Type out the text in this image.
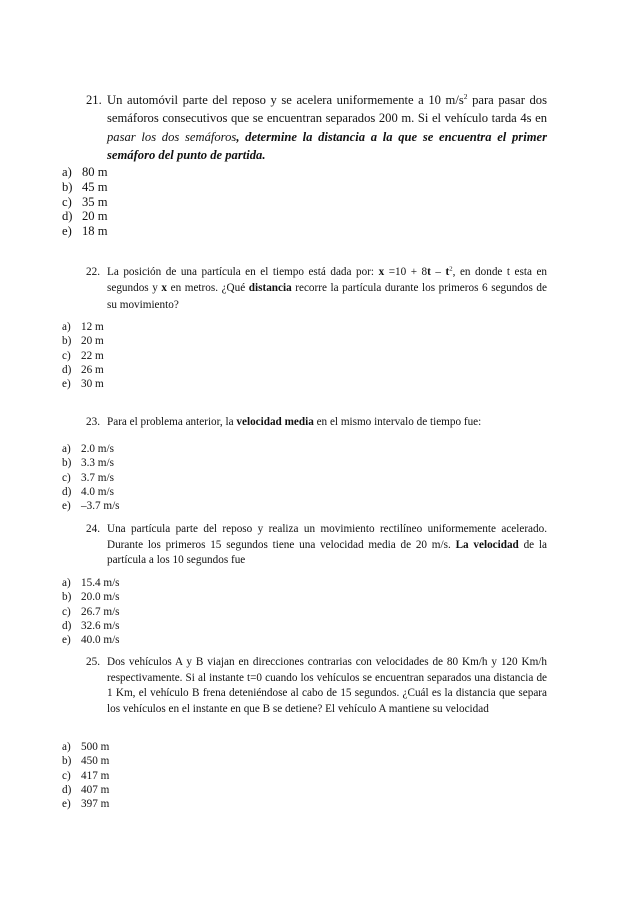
21. Un automóvil parte del reposo y se acelera uniformemente a 10 $m/s^2$ para pasar dos semáforos consecutivos que se encuentran separados 200 m. Si el vehículo tarda 4s en pasar los dos semáforos, determine la distancia a la que se encuentra el primer semáforo del punto de partida.
a) 80 m
b) 45 m
c) 35 m
d) 20 m
e) 18 m
22. La posición de una partícula en el tiempo está dada por: $x =10 + 8t - t^2$, en donde t esta en segundos y x en metros. ¿Qué distancia recorre la partícula durante los primeros 6 segundos de su movimiento?
a) 12 m
b) 20 m
c) 22 m
d) 26 m
e) 30 m
23. Para el problema anterior, la velocidad media en el mismo intervalo de tiempo fue:
a) 2.0 m/s
b) 3.3 m/s
c) 3.7 m/s
d) 4.0 m/s
e) –3.7 m/s
24. Una partícula parte del reposo y realiza un movimiento rectilíneo uniformemente acelerado. Durante los primeros 15 segundos tiene una velocidad media de 20 m/s. La velocidad de la partícula a los 10 segundos fue
a) 15.4 m/s
b) 20.0 m/s
c) 26.7 m/s
d) 32.6 m/s
e) 40.0 m/s
25. Dos vehículos A y B viajan en direcciones contrarias con velocidades de 80 Km/h y 120 Km/h respectivamente. Si al instante t=0 cuando los vehículos se encuentran separados una distancia de 1 Km, el vehículo B frena deteniéndose al cabo de 15 segundos. ¿Cuál es la distancia que separa los vehículos en el instante en que B se detiene? El vehículo A mantiene su velocidad
a) 500 m
b) 450 m
c) 417 m
d) 407 m
e) 397 m
